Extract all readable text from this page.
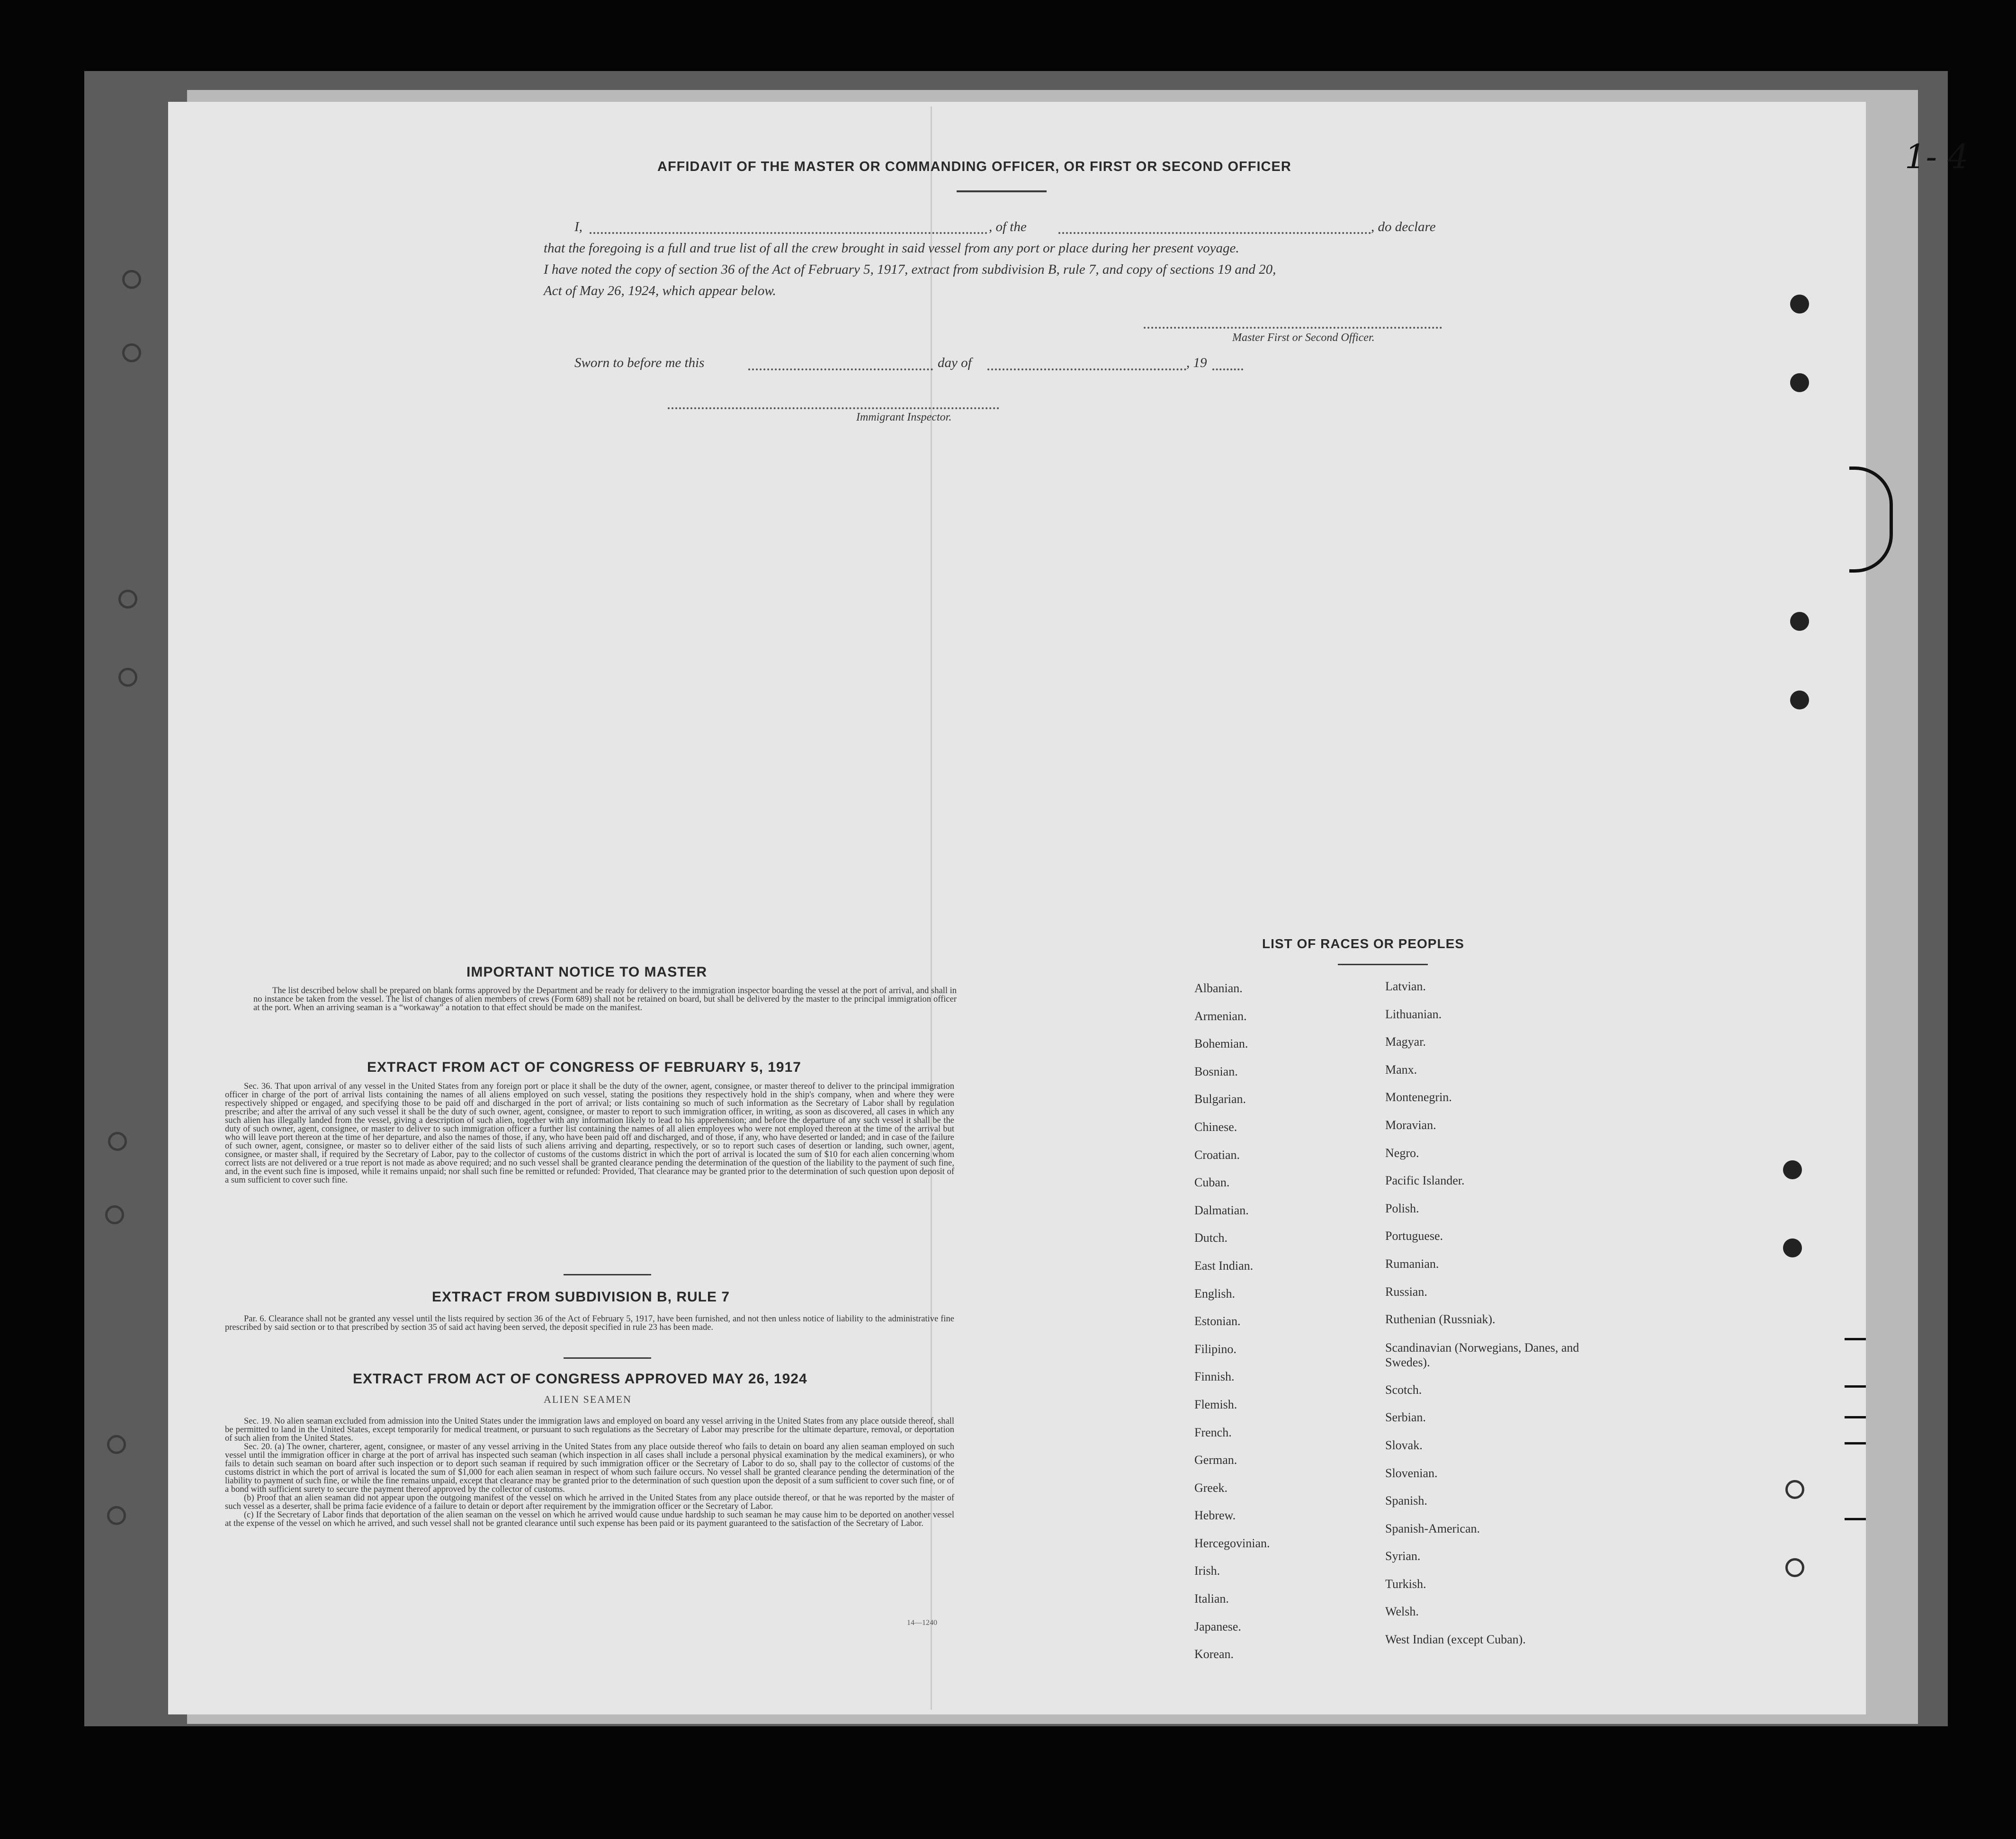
1- 4
AFFIDAVIT OF THE MASTER OR COMMANDING OFFICER, OR FIRST OR SECOND OFFICER
I,	, of the	, do declare
that the foregoing is a full and true list of all the crew brought in said vessel from any port or place during her present voyage.
I have noted the copy of section 36 of the Act of February 5, 1917, extract from subdivision B, rule 7, and copy of sections 19 and 20,
Act of May 26, 1924, which appear below.
Master First or Second Officer.
Sworn to before me this	day of	, 19
Immigrant Inspector.
IMPORTANT NOTICE TO MASTER

The list described below shall be prepared on blank forms approved by the Department and be ready for delivery to the immigration inspector boarding the vessel at the port of arrival, and shall in no instance be taken from the vessel. The list of changes of alien members of crews (Form 689) shall not be retained on board, but shall be delivered by the master to the principal immigration officer at the port. When an arriving seaman is a “workaway” a notation to that effect should be made on the manifest.

EXTRACT FROM ACT OF CONGRESS OF FEBRUARY 5, 1917

Sec. 36. That upon arrival of any vessel in the United States from any foreign port or place it shall be the duty of the owner, agent, consignee, or master thereof to deliver to the principal immigration officer in charge of the port of arrival lists containing the names of all aliens employed on such vessel, stating the positions they respectively hold in the ship's company, when and where they were respectively shipped or engaged, and specifying those to be paid off and discharged in the port of arrival; or lists containing so much of such information as the Secretary of Labor shall by regulation prescribe; and after the arrival of any such vessel it shall be the duty of such owner, agent, consignee, or master to report to such immigration officer, in writing, as soon as discovered, all cases in which any such alien has illegally landed from the vessel, giving a description of such alien, together with any information likely to lead to his apprehension; and before the departure of any such vessel it shall be the duty of such owner, agent, consignee, or master to deliver to such immigration officer a further list containing the names of all alien employees who were not employed thereon at the time of the arrival but who will leave port thereon at the time of her departure, and also the names of those, if any, who have been paid off and discharged, and of those, if any, who have deserted or landed; and in case of the failure of such owner, agent, consignee, or master so to deliver either of the said lists of such aliens arriving and departing, respectively, or so to report such cases of desertion or landing, such owner, agent, consignee, or master shall, if required by the Secretary of Labor, pay to the collector of customs of the customs district in which the port of arrival is located the sum of $10 for each alien concerning whom correct lists are not delivered or a true report is not made as above required; and no such vessel shall be granted clearance pending the determination of the question of the liability to the payment of such fine, and, in the event such fine is imposed, while it remains unpaid; nor shall such fine be remitted or refunded: Provided, That clearance may be granted prior to the determination of such question upon deposit of a sum sufficient to cover such fine.

EXTRACT FROM SUBDIVISION B, RULE 7

Par. 6. Clearance shall not be granted any vessel until the lists required by section 36 of the Act of February 5, 1917, have been furnished, and not then unless notice of liability to the administrative fine prescribed by said section or to that prescribed by section 35 of said act having been served, the deposit specified in rule 23 has been made.

EXTRACT FROM ACT OF CONGRESS APPROVED MAY 26, 1924
ALIEN SEAMEN

Sec. 19. No alien seaman excluded from admission into the United States under the immigration laws and employed on board any vessel arriving in the United States from any place outside thereof, shall be permitted to land in the United States, except temporarily for medical treatment, or pursuant to such regulations as the Secretary of Labor may prescribe for the ultimate departure, removal, or deportation of such alien from the United States.

Sec. 20. (a) The owner, charterer, agent, consignee, or master of any vessel arriving in the United States from any place outside thereof who fails to detain on board any alien seaman employed on such vessel until the immigration officer in charge at the port of arrival has inspected such seaman (which inspection in all cases shall include a personal physical examination by the medical examiners), or who fails to detain such seaman on board after such inspection or to deport such seaman if required by such immigration officer or the Secretary of Labor to do so, shall pay to the collector of customs of the customs district in which the port of arrival is located the sum of $1,000 for each alien seaman in respect of whom such failure occurs. No vessel shall be granted clearance pending the determination of the liability to payment of such fine, or while the fine remains unpaid, except that clearance may be granted prior to the determination of such question upon the deposit of a sum sufficient to cover such fine, or of a bond with sufficient surety to secure the payment thereof approved by the collector of customs.

(b) Proof that an alien seaman did not appear upon the outgoing manifest of the vessel on which he arrived in the United States from any place outside thereof, or that he was reported by the master of such vessel as a deserter, shall be prima facie evidence of a failure to detain or deport after requirement by the immigration officer or the Secretary of Labor.

(c) If the Secretary of Labor finds that deportation of the alien seaman on the vessel on which he arrived would cause undue hardship to such seaman he may cause him to be deported on another vessel at the expense of the vessel on which he arrived, and such vessel shall not be granted clearance until such expense has been paid or its payment guaranteed to the satisfaction of the Secretary of Labor.

14—1240
LIST OF RACES OR PEOPLES
Albanian.
Armenian.
Bohemian.
Bosnian.
Bulgarian.
Chinese.
Croatian.
Cuban.
Dalmatian.
Dutch.
East Indian.
English.
Estonian.
Filipino.
Finnish.
Flemish.
French.
German.
Greek.
Hebrew.
Hercegovinian.
Irish.
Italian.
Japanese.
Korean.
Latvian.
Lithuanian.
Magyar.
Manx.
Montenegrin.
Moravian.
Negro.
Pacific Islander.
Polish.
Portuguese.
Rumanian.
Russian.
Ruthenian (Russniak).
Scandinavian (Norwegians, Danes, and Swedes).
Scotch.
Serbian.
Slovak.
Slovenian.
Spanish.
Spanish-American.
Syrian.
Turkish.
Welsh.
West Indian (except Cuban).
